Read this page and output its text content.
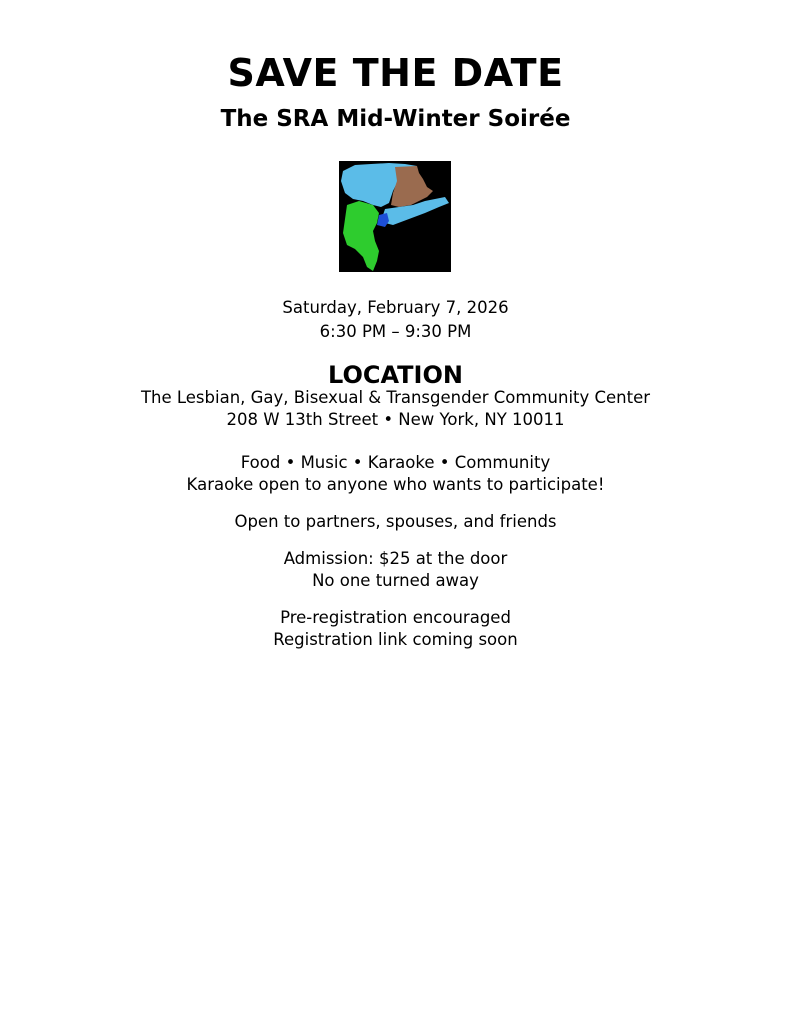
SAVE THE DATE
The SRA Mid-Winter Soirée
Saturday, February 7, 2026
6:30 PM – 9:30 PM
LOCATION
The Lesbian, Gay, Bisexual & Transgender Community Center
208 W 13th Street • New York, NY 10011
Food • Music • Karaoke • Community
Karaoke open to anyone who wants to participate!
Open to partners, spouses, and friends
Admission: $25 at the door
No one turned away
Pre-registration encouraged
Registration link coming soon
